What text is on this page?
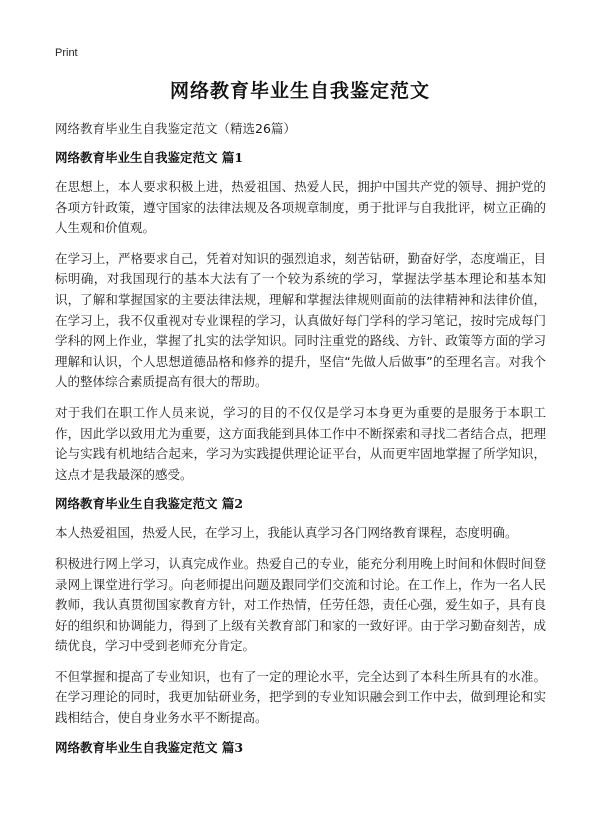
Print
网络教育毕业生自我鉴定范文

网络教育毕业生自我鉴定范文（精选26篇）

网络教育毕业生自我鉴定范文 篇1

在思想上，本人要求积极上进，热爱祖国、热爱人民，拥护中国共产党的领导、拥护党的各项方针政策，遵守国家的法律法规及各项规章制度，勇于批评与自我批评，树立正确的人生观和价值观。

在学习上，严格要求自己，凭着对知识的强烈追求，刻苦钻研，勤奋好学，态度端正，目标明确，对我国现行的基本大法有了一个较为系统的学习，掌握法学基本理论和基本知识，了解和掌握国家的主要法律法规，理解和掌握法律规则面前的法律精神和法律价值，在学习上，我不仅重视对专业课程的学习，认真做好每门学科的学习笔记，按时完成每门学科的网上作业，掌握了扎实的法学知识。同时注重党的路线、方针、政策等方面的学习理解和认识，个人思想道德品格和修养的提升，坚信“先做人后做事”的至理名言。对我个人的整体综合素质提高有很大的帮助。

对于我们在职工作人员来说，学习的目的不仅仅是学习本身更为重要的是服务于本职工作，因此学以致用尤为重要，这方面我能到具体工作中不断探索和寻找二者结合点，把理论与实践有机地结合起来，学习为实践提供理论证平台，从而更牢固地掌握了所学知识，这点才是我最深的感受。

网络教育毕业生自我鉴定范文 篇2

本人热爱祖国，热爱人民，在学习上，我能认真学习各门网络教育课程，态度明确。

积极进行网上学习，认真完成作业。热爱自己的专业，能充分利用晚上时间和休假时间登录网上课堂进行学习。向老师提出问题及跟同学们交流和讨论。在工作上，作为一名人民教师，我认真贯彻国家教育方针，对工作热情，任劳任怨，责任心强，爱生如子，具有良好的组织和协调能力，得到了上级有关教育部门和家的一致好评。由于学习勤奋刻苦，成绩优良，学习中受到老师充分肯定。

不但掌握和提高了专业知识，也有了一定的理论水平，完全达到了本科生所具有的水准。在学习理论的同时，我更加钻研业务，把学到的专业知识融会到工作中去，做到理论和实践相结合，使自身业务水平不断提高。

网络教育毕业生自我鉴定范文 篇3
